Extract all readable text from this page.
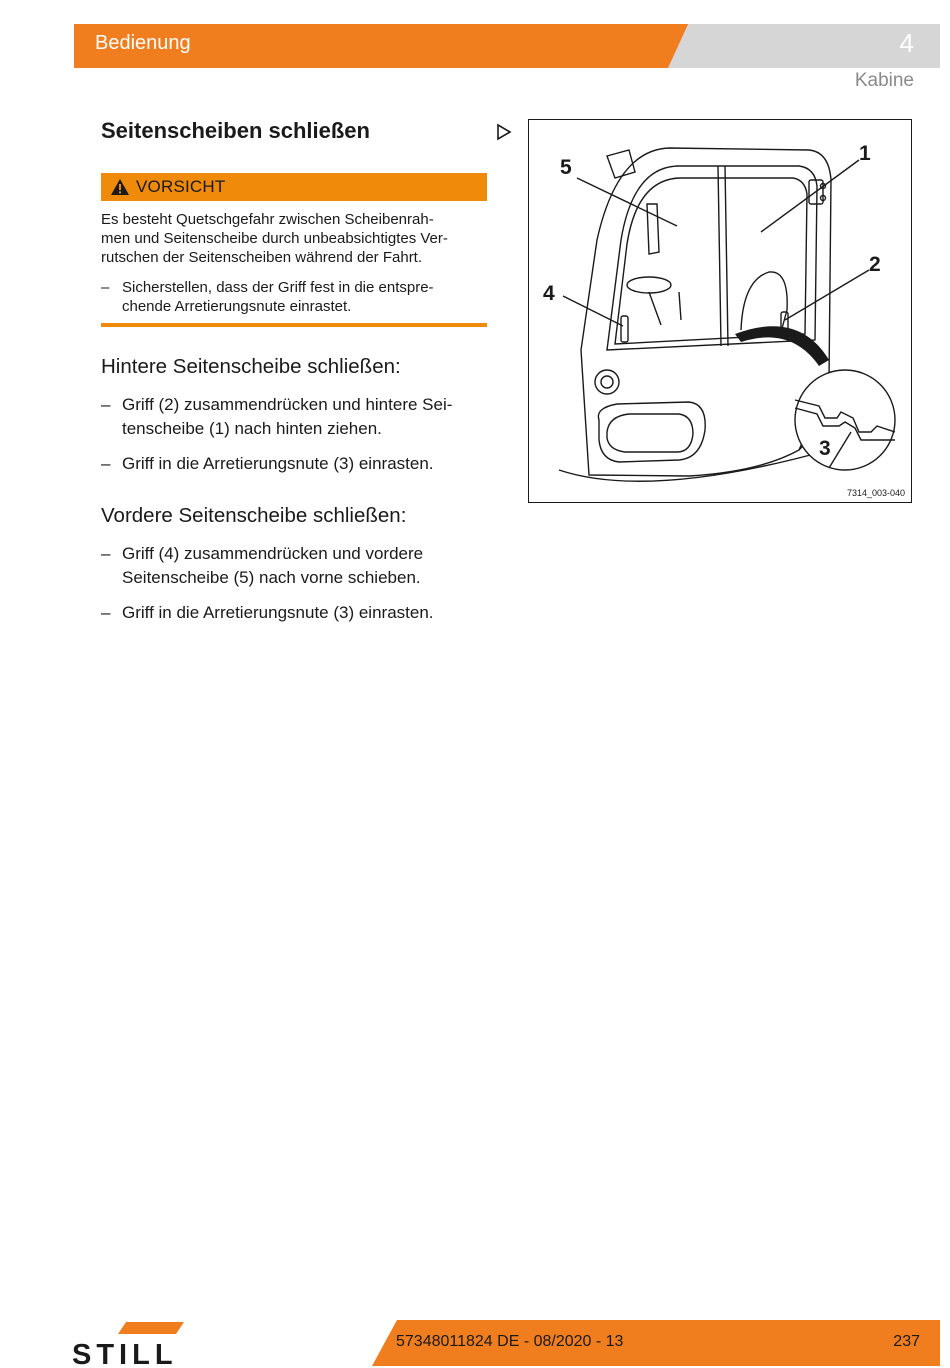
Bedienung	4
Kabine
Seitenscheiben schließen
VORSICHT
Es besteht Quetschgefahr zwischen Scheibenrah-
men und Seitenscheibe durch unbeabsichtigtes Ver-
rutschen der Seitenscheiben während der Fahrt.
– Sicherstellen, dass der Griff fest in die entspre-
chende Arretierungsnute einrastet.
Hintere Seitenscheibe schließen:
– Griff (2) zusammendrücken und hintere Sei-
tenscheibe (1) nach hinten ziehen.
– Griff in die Arretierungsnute (3) einrasten.
Vordere Seitenscheibe schließen:
– Griff (4) zusammendrücken und vordere
Seitenscheibe (5) nach vorne schieben.
– Griff in die Arretierungsnute (3) einrasten.
1
2
3
4
5
7314_003-040
STILL	57348011824 DE - 08/2020 - 13	237
